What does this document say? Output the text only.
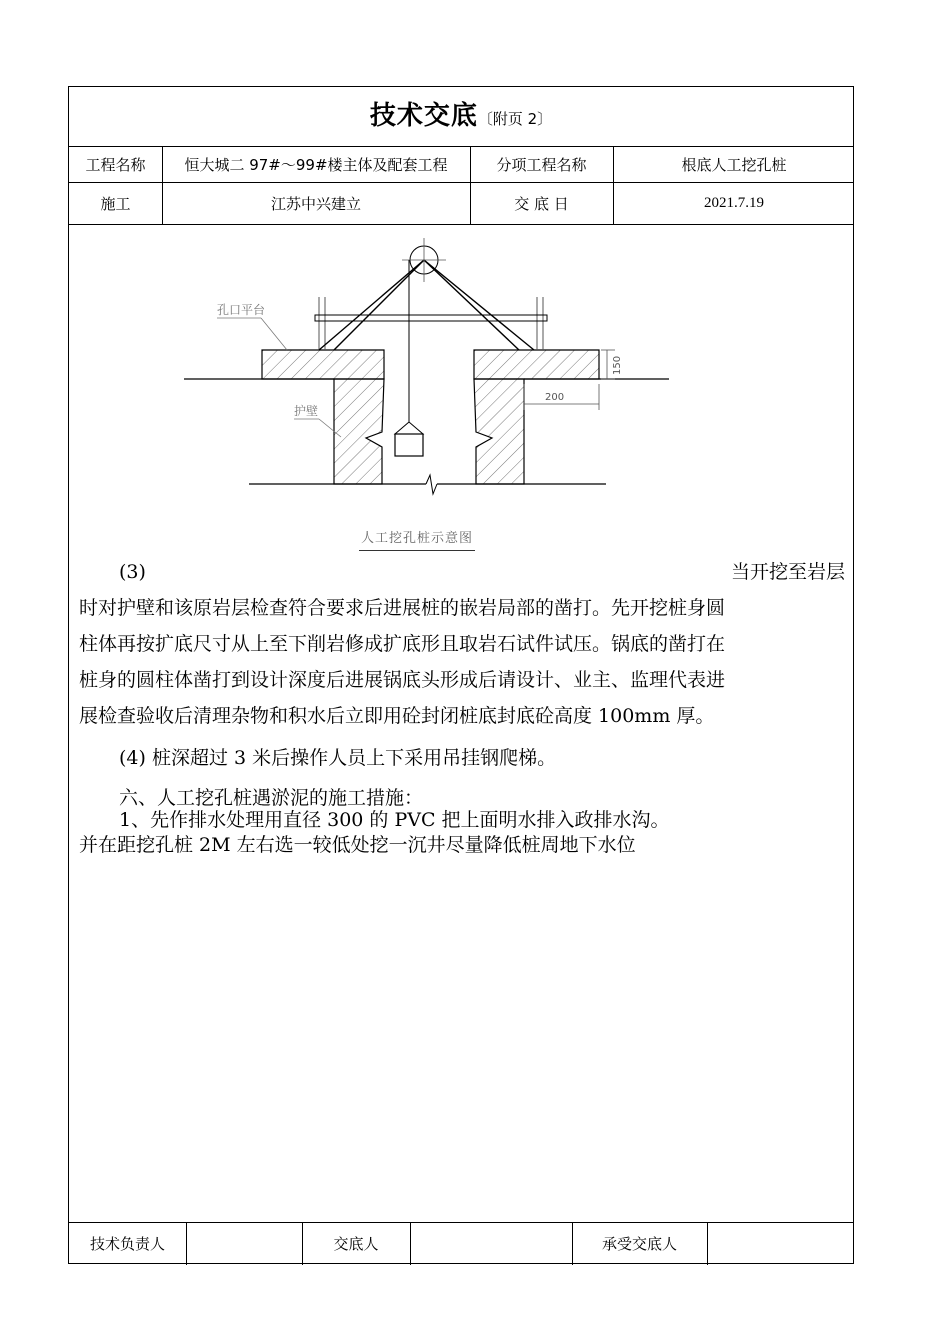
技术交底〔附页 2〕
工程名称	恒大城二 97#～99#楼主体及配套工程	分项工程名称	根底人工挖孔桩
施工	江苏中兴建立	交 底 日	2021.7.19
孔口平台
护壁
150
200
人工挖孔桩示意图
(3)	当开挖至岩层
时对护壁和该原岩层检查符合要求后进展桩的嵌岩局部的凿打。先开挖桩身圆
柱体再按扩底尺寸从上至下削岩修成扩底形且取岩石试件试压。锅底的凿打在
桩身的圆柱体凿打到设计深度后进展锅底头形成后请设计、业主、监理代表进
展检查验收后清理杂物和积水后立即用砼封闭桩底封底砼高度 100mm 厚。
(4) 桩深超过 3 米后操作人员上下采用吊挂钢爬梯。
六、人工挖孔桩遇淤泥的施工措施：
1、先作排水处理用直径 300 的 PVC 把上面明水排入政排水沟。
并在距挖孔桩 2M 左右选一较低处挖一沉井尽量降低桩周地下水位
技术负责人	交底人	承受交底人
